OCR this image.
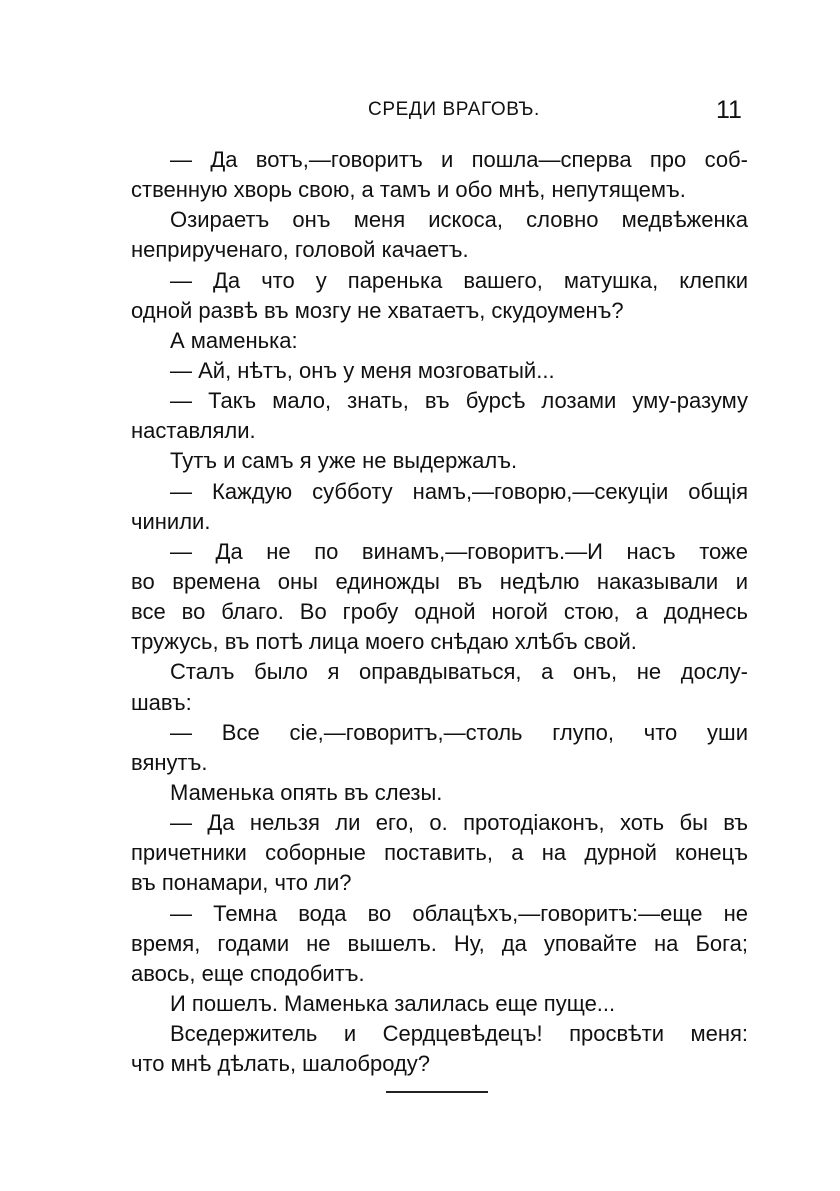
СРЕДИ ВРАГОВЪ.	11
— Да вотъ,—говоритъ и пошла—сперва про соб-
ственную хворь свою, а тамъ и обо мнѣ, непутящемъ.
Озираетъ онъ меня искоса, словно медвѣженка
неприрученаго, головой качаетъ.
— Да что у паренька вашего, матушка, клепки
одной развѣ въ мозгу не хватаетъ, скудоуменъ?
А маменька:
— Ай, нѣтъ, онъ у меня мозговатый...
— Такъ мало, знать, въ бурсѣ лозами уму-разуму
наставляли.
Тутъ и самъ я уже не выдержалъ.
— Каждую субботу намъ,—говорю,—секуціи общія
чинили.
— Да не по винамъ,—говоритъ.—И насъ тоже
во времена оны единожды въ недѣлю наказывали и
все во благо. Во гробу одной ногой стою, а доднесь
тружусь, въ потѣ лица моего снѣдаю хлѣбъ свой.
Сталъ было я оправдываться, а онъ, не дослу-
шавъ:
— Все сіе,—говоритъ,—столь глупо, что уши
вянутъ.
Маменька опять въ слезы.
— Да нельзя ли его, о. протодіаконъ, хоть бы въ
причетники соборные поставить, а на дурной конецъ
въ понамари, что ли?
— Темна вода во облацѣхъ,—говоритъ:—еще не
время, годами не вышелъ. Ну, да уповайте на Бога;
авось, еще сподобитъ.
И пошелъ. Маменька залилась еще пуще...
Вседержитель и Сердцевѣдецъ! просвѣти меня:
что мнѣ дѣлать, шалоброду?
